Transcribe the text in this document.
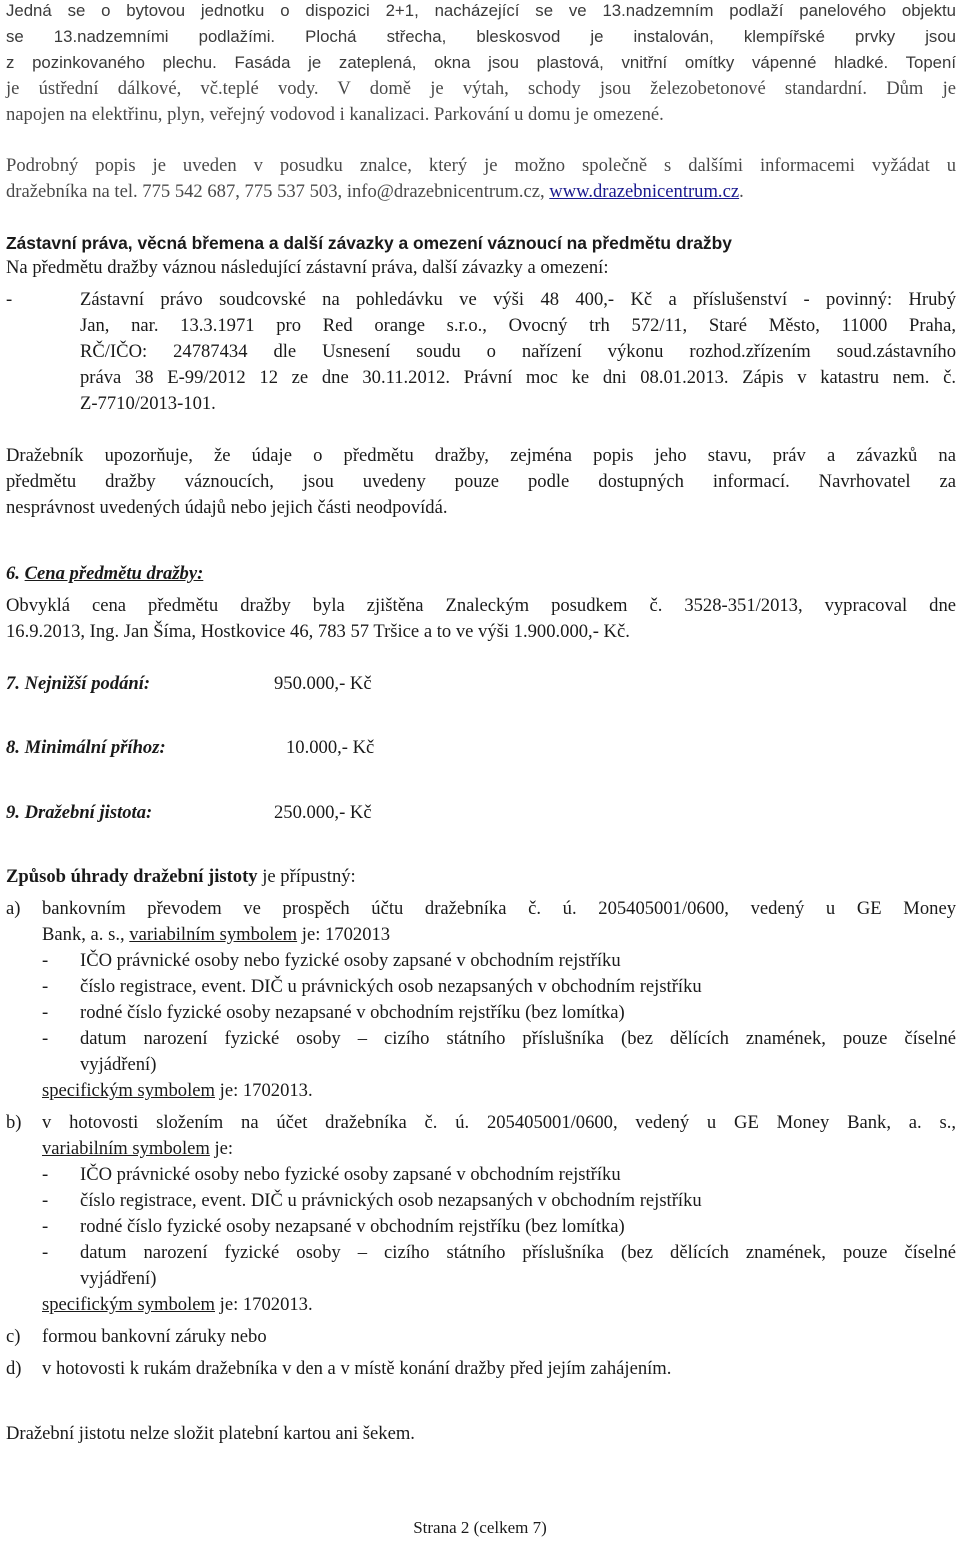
Jedná se o bytovou jednotku o dispozici 2+1, nacházející se ve 13.nadzemním podlaží panelového objektu
se 13.nadzemními podlažími. Plochá střecha, bleskosvod je instalován, klempířské prvky jsou
z pozinkovaného plechu. Fasáda je zateplená, okna jsou plastová, vnitřní omítky vápenné hladké. Topení
je ústřední dálkové, vč.teplé vody. V domě je výtah, schody jsou železobetonové standardní. Dům je
napojen na elektřinu, plyn, veřejný vodovod i kanalizaci. Parkování u domu je omezené.
Podrobný popis je uveden v posudku znalce, který je možno společně s dalšími informacemi vyžádat u
dražebníka na tel. 775 542 687, 775 537 503, info@drazebnicentrum.cz, www.drazebnicentrum.cz.
Zástavní práva, věcná břemena a další závazky a omezení váznoucí na předmětu dražby
Na předmětu dražby váznou následující zástavní práva, další závazky a omezení:
-	Zástavní právo soudcovské na pohledávku ve výši 48 400,- Kč a příslušenství - povinný: Hrubý
Jan, nar. 13.3.1971 pro Red orange s.r.o., Ovocný trh 572/11, Staré Město, 11000 Praha,
RČ/IČO: 24787434 dle Usnesení soudu o nařízení výkonu rozhod.zřízením soud.zástavního
práva 38 E-99/2012 12 ze dne 30.11.2012. Právní moc ke dni 08.01.2013. Zápis v katastru nem. č.
Z-7710/2013-101.
Dražebník upozorňuje, že údaje o předmětu dražby, zejména popis jeho stavu, práv a závazků na
předmětu dražby váznoucích, jsou uvedeny pouze podle dostupných informací. Navrhovatel za
nesprávnost uvedených údajů nebo jejich části neodpovídá.
6. Cena předmětu dražby:
Obvyklá cena předmětu dražby byla zjištěna Znaleckým posudkem č. 3528-351/2013, vypracoval dne
16.9.2013, Ing. Jan Šíma, Hostkovice 46, 783 57 Tršice a to ve výši 1.900.000,- Kč.
7. Nejnižší podání:	950.000,- Kč
8. Minimální příhoz:	10.000,- Kč
9. Dražební jistota:	250.000,- Kč
Způsob úhrady dražební jistoty je přípustný:
a) bankovním převodem ve prospěch účtu dražebníka č. ú. 205405001/0600, vedený u GE Money
Bank, a. s., variabilním symbolem je: 1702013
- IČO právnické osoby nebo fyzické osoby zapsané v obchodním rejstříku
- číslo registrace, event. DIČ u právnických osob nezapsaných v obchodním rejstříku
- rodné číslo fyzické osoby nezapsané v obchodním rejstříku (bez lomítka)
- datum narození fyzické osoby – cizího státního příslušníka (bez dělících znamének, pouze číselné
vyjádření)
specifickým symbolem je: 1702013.
b) v hotovosti složením na účet dražebníka č. ú. 205405001/0600, vedený u GE Money Bank, a. s.,
variabilním symbolem je:
- IČO právnické osoby nebo fyzické osoby zapsané v obchodním rejstříku
- číslo registrace, event. DIČ u právnických osob nezapsaných v obchodním rejstříku
- rodné číslo fyzické osoby nezapsané v obchodním rejstříku (bez lomítka)
- datum narození fyzické osoby – cizího státního příslušníka (bez dělících znamének, pouze číselné
vyjádření)
specifickým symbolem je: 1702013.
c) formou bankovní záruky nebo
d) v hotovosti k rukám dražebníka v den a v místě konání dražby před jejím zahájením.
Dražební jistotu nelze složit platební kartou ani šekem.
Strana 2 (celkem 7)
